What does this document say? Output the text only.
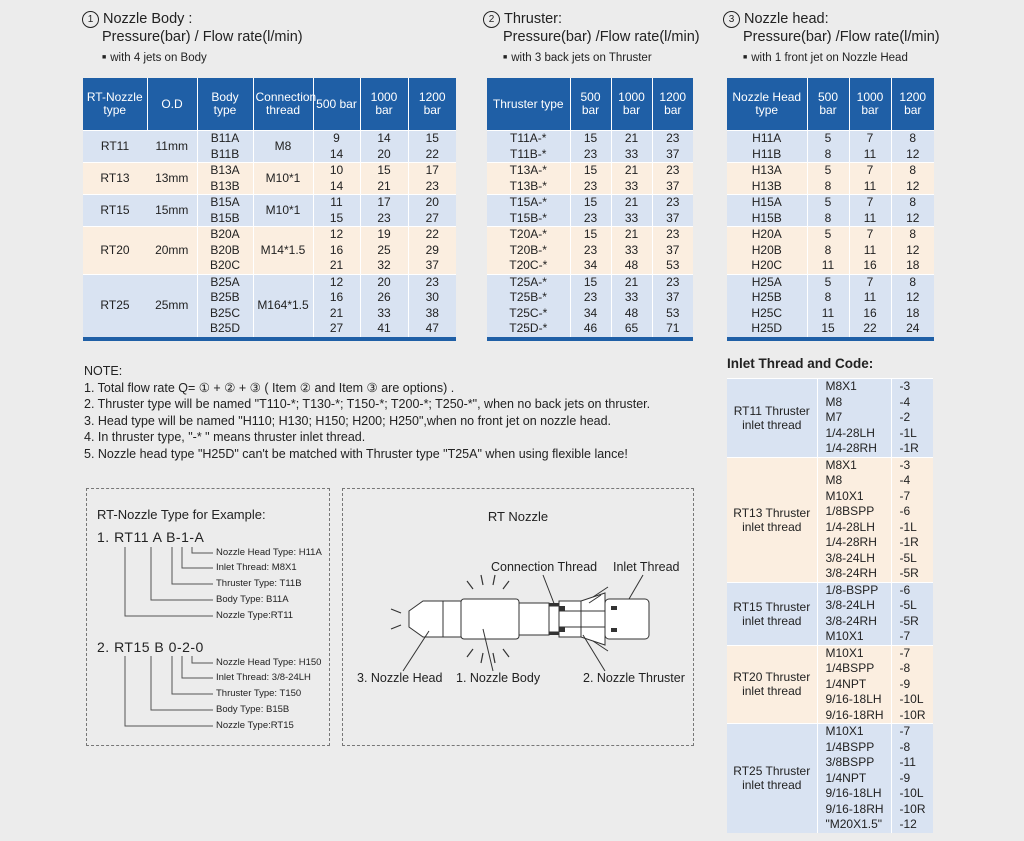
1 Nozzle Body :
Pressure(bar) / Flow rate(l/min)
■ with 4 jets on Body
2 Thruster:
Pressure(bar) /Flow rate(l/min)
■ with 3 back jets on Thruster
3 Nozzle head:
Pressure(bar) /Flow rate(l/min)
■ with 1 front jet on Nozzle Head
RT-Nozzle type	O.D	Body type	Connection thread	500 bar	1000 bar	1200 bar
RT11	11mm	B11A	M8	9	14	15
		B11B		14	20	22
RT13	13mm	B13A	M10*1	10	15	17
		B13B		14	21	23
RT15	15mm	B15A	M10*1	11	17	20
		B15B		15	23	27
RT20	20mm	B20A	M14*1.5	12	19	22
		B20B		16	25	29
		B20C		21	32	37
RT25	25mm	B25A	M164*1.5	12	20	23
		B25B		16	26	30
		B25C		21	33	38
		B25D		27	41	47
Thruster type	500 bar	1000 bar	1200 bar
T11A-*	15	21	23
T11B-*	23	33	37
T13A-*	15	21	23
T13B-*	23	33	37
T15A-*	15	21	23
T15B-*	23	33	37
T20A-*	15	21	23
T20B-*	23	33	37
T20C-*	34	48	53
T25A-*	15	21	23
T25B-*	23	33	37
T25C-*	34	48	53
T25D-*	46	65	71
Nozzle Head type	500 bar	1000 bar	1200 bar
H11A	5	7	8
H11B	8	11	12
H13A	5	7	8
H13B	8	11	12
H15A	5	7	8
H15B	8	11	12
H20A	5	7	8
H20B	8	11	12
H20C	11	16	18
H25A	5	7	8
H25B	8	11	12
H25C	11	16	18
H25D	15	22	24
NOTE:
1. Total flow rate Q= ① + ② + ③ ( Item ② and Item ③ are options) .
2. Thruster type will be named "T110-*; T130-*; T150-*; T200-*; T250-*", when no back jets on thruster.
3. Head type will be named "H110; H130; H150; H200; H250",when no front jet on nozzle head.
4. In thruster type, "-* " means thruster inlet thread.
5. Nozzle head type "H25D" can't be matched with Thruster type "T25A" when using flexible lance!
RT-Nozzle Type for Example:
1. RT11 A B-1-A
2. RT15 B 0-2-0
Nozzle Head Type: H11A
Inlet Thread: M8X1
Thruster Type: T11B
Body Type: B11A
Nozzle Type:RT11
Nozzle Head Type: H150
Inlet Thread: 3/8-24LH
Thruster Type: T150
Body Type: B15B
Nozzle Type:RT15
RT Nozzle
Connection Thread Inlet Thread
3. Nozzle Head 1. Nozzle Body	2. Nozzle Thruster
Inlet Thread and Code:
RT11 Thruster inlet thread	M8X1	-3
	M8	-4
	M7	-2
	1/4-28LH	-1L
	1/4-28RH	-1R
RT13 Thruster inlet thread	M8X1	-3
	M8	-4
	M10X1	-7
	1/8BSPP	-6
	1/4-28LH	-1L
	1/4-28RH	-1R
	3/8-24LH	-5L
	3/8-24RH	-5R
RT15 Thruster inlet thread	1/8-BSPP	-6
	3/8-24LH	-5L
	3/8-24RH	-5R
	M10X1	-7
RT20 Thruster inlet thread	M10X1	-7
	1/4BSPP	-8
	1/4NPT	-9
	9/16-18LH	-10L
	9/16-18RH	-10R
RT25 Thruster inlet thread	M10X1	-7
	1/4BSPP	-8
	3/8BSPP	-11
	1/4NPT	-9
	9/16-18LH	-10L
	9/16-18RH	-10R
	"M20X1.5"	-12
